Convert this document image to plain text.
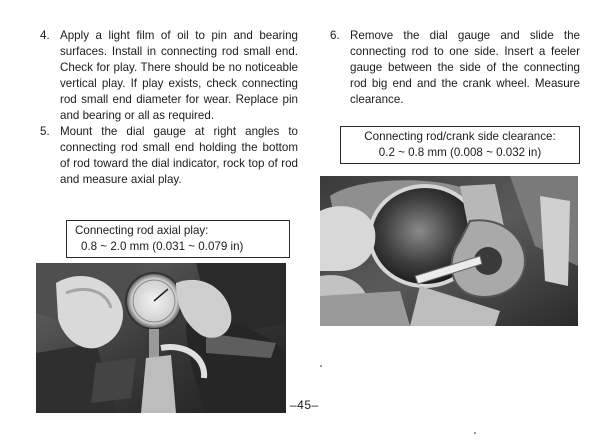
4. Apply a light film of oil to pin and bearing surfaces. Install in connecting rod small end. Check for play. There should be no noticeable vertical play. If play exists, check connecting rod small end diameter for wear. Replace pin and bearing or all as required.
5. Mount the dial gauge at right angles to connecting rod small end holding the bottom of rod toward the dial indicator, rock top of rod and measure axial play.
Connecting rod axial play:
0.8 ~ 2.0 mm (0.031 ~ 0.079 in)
6. Remove the dial gauge and slide the connecting rod to one side. Insert a feeler gauge between the side of the connecting rod big end and the crank wheel. Measure clearance.
Connecting rod/crank side clearance:
0.2 ~ 0.8 mm (0.008 ~ 0.032 in)
–45–
